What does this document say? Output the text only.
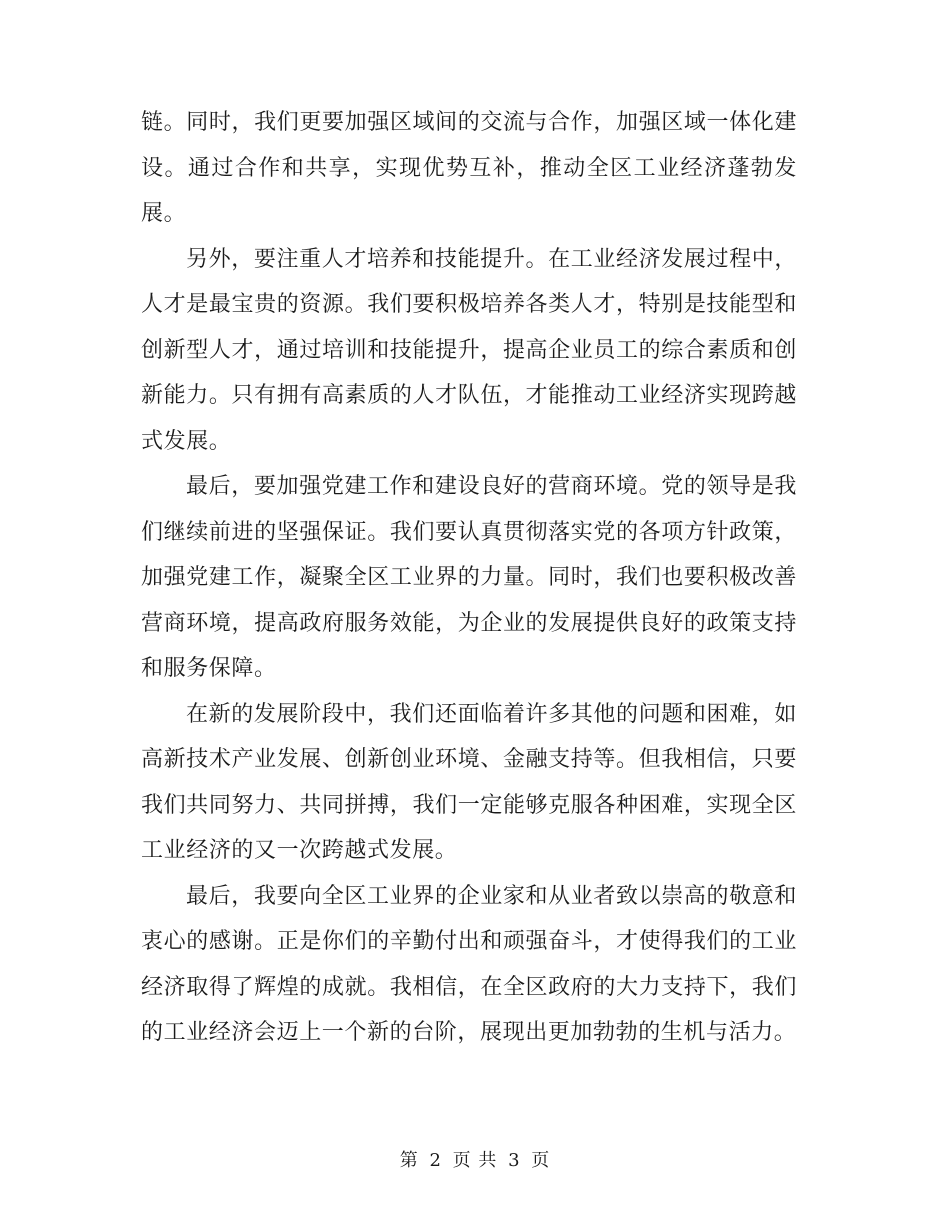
链。同时，我们更要加强区域间的交流与合作，加强区域一体化建设。通过合作和共享，实现优势互补，推动全区工业经济蓬勃发展。

另外，要注重人才培养和技能提升。在工业经济发展过程中，人才是最宝贵的资源。我们要积极培养各类人才，特别是技能型和创新型人才，通过培训和技能提升，提高企业员工的综合素质和创新能力。只有拥有高素质的人才队伍，才能推动工业经济实现跨越式发展。

最后，要加强党建工作和建设良好的营商环境。党的领导是我们继续前进的坚强保证。我们要认真贯彻落实党的各项方针政策，加强党建工作，凝聚全区工业界的力量。同时，我们也要积极改善营商环境，提高政府服务效能，为企业的发展提供良好的政策支持和服务保障。

在新的发展阶段中，我们还面临着许多其他的问题和困难，如高新技术产业发展、创新创业环境、金融支持等。但我相信，只要我们共同努力、共同拼搏，我们一定能够克服各种困难，实现全区工业经济的又一次跨越式发展。

最后，我要向全区工业界的企业家和从业者致以崇高的敬意和衷心的感谢。正是你们的辛勤付出和顽强奋斗，才使得我们的工业经济取得了辉煌的成就。我相信，在全区政府的大力支持下，我们的工业经济会迈上一个新的台阶，展现出更加勃勃的生机与活力。

第 2 页 共 3 页
